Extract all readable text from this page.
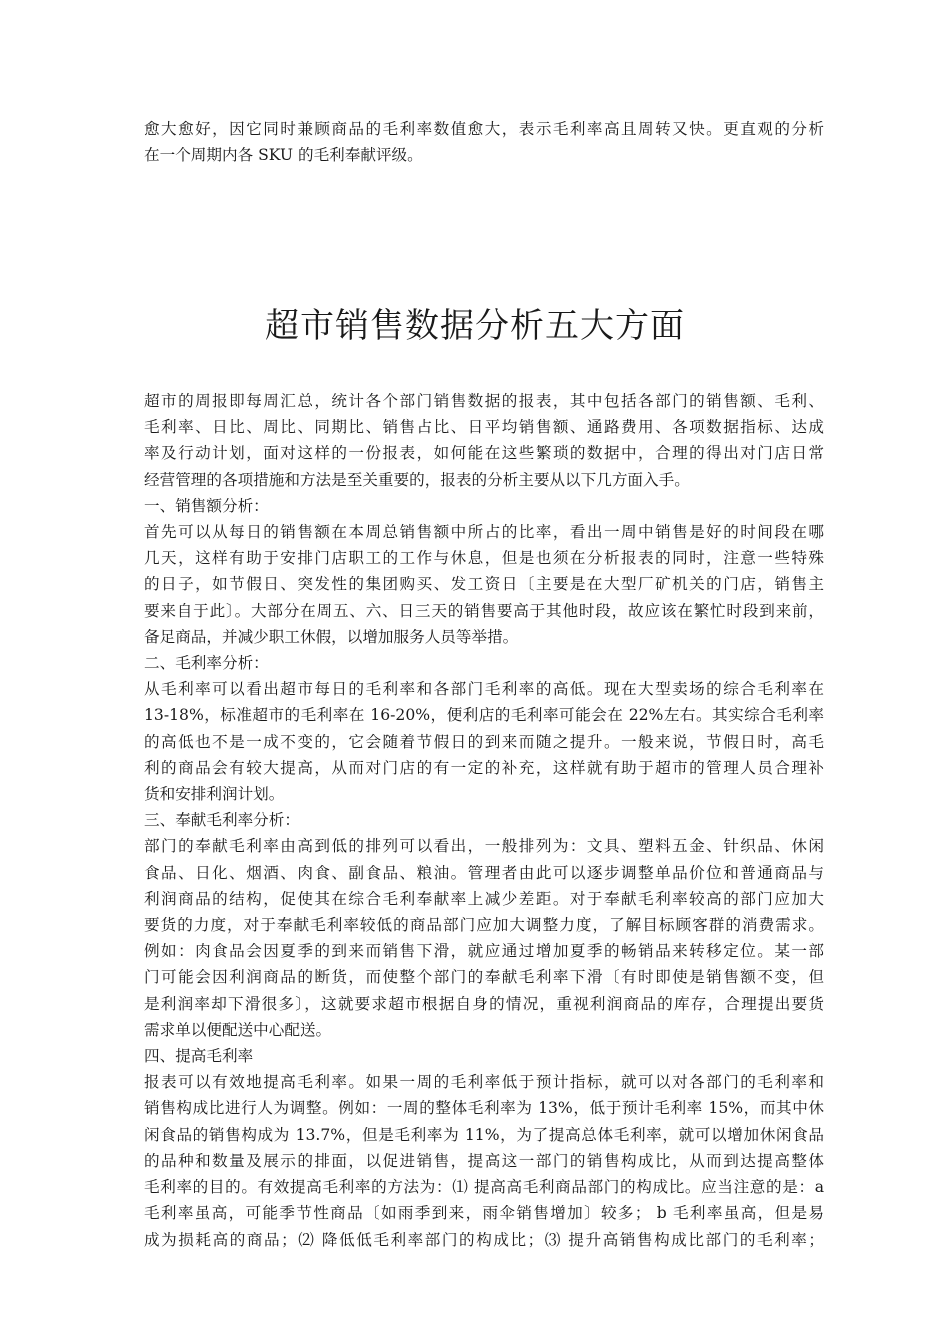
愈大愈好，因它同时兼顾商品的毛利率数值愈大，表示毛利率高且周转又快。更直观的分析
在一个周期内各 SKU 的毛利奉献评级。
超市销售数据分析五大方面
超市的周报即每周汇总，统计各个部门销售数据的报表，其中包括各部门的销售额、毛利、
毛利率、日比、周比、同期比、销售占比、日平均销售额、通路费用、各项数据指标、达成
率及行动计划，面对这样的一份报表，如何能在这些繁琐的数据中，合理的得出对门店日常
经营管理的各项措施和方法是至关重要的，报表的分析主要从以下几方面入手。
一、销售额分析：
首先可以从每日的销售额在本周总销售额中所占的比率，看出一周中销售是好的时间段在哪
几天，这样有助于安排门店职工的工作与休息，但是也须在分析报表的同时，注意一些特殊
的日子，如节假日、突发性的集团购买、发工资日〔主要是在大型厂矿机关的门店，销售主
要来自于此〕。大部分在周五、六、日三天的销售要高于其他时段，故应该在繁忙时段到来前，
备足商品，并减少职工休假，以增加服务人员等举措。
二、毛利率分析：
从毛利率可以看出超市每日的毛利率和各部门毛利率的高低。现在大型卖场的综合毛利率在
13-18%，标准超市的毛利率在 16-20%，便利店的毛利率可能会在 22%左右。其实综合毛利率
的高低也不是一成不变的，它会随着节假日的到来而随之提升。一般来说，节假日时，高毛
利的商品会有较大提高，从而对门店的有一定的补充，这样就有助于超市的管理人员合理补
货和安排利润计划。
三、奉献毛利率分析：
部门的奉献毛利率由高到低的排列可以看出，一般排列为：文具、塑料五金、针织品、休闲
食品、日化、烟酒、肉食、副食品、粮油。管理者由此可以逐步调整单品价位和普通商品与
利润商品的结构，促使其在综合毛利奉献率上减少差距。对于奉献毛利率较高的部门应加大
要货的力度，对于奉献毛利率较低的商品部门应加大调整力度，了解目标顾客群的消费需求。
例如：肉食品会因夏季的到来而销售下滑，就应通过增加夏季的畅销品来转移定位。某一部
门可能会因利润商品的断货，而使整个部门的奉献毛利率下滑〔有时即使是销售额不变，但
是利润率却下滑很多〕，这就要求超市根据自身的情况，重视利润商品的库存，合理提出要货
需求单以便配送中心配送。
四、提高毛利率
报表可以有效地提高毛利率。如果一周的毛利率低于预计指标，就可以对各部门的毛利率和
销售构成比进行人为调整。例如：一周的整体毛利率为 13%，低于预计毛利率 15%，而其中休
闲食品的销售构成为 13.7%，但是毛利率为 11%，为了提高总体毛利率，就可以增加休闲食品
的品种和数量及展示的排面，以促进销售，提高这一部门的销售构成比，从而到达提高整体
毛利率的目的。有效提高毛利率的方法为：⑴ 提高高毛利商品部门的构成比。应当注意的是：a
毛利率虽高，可能季节性商品〔如雨季到来，雨伞销售增加〕较多； b 毛利率虽高，但是易
成为损耗高的商品；⑵ 降低低毛利率部门的构成比；⑶ 提升高销售构成比部门的毛利率；
